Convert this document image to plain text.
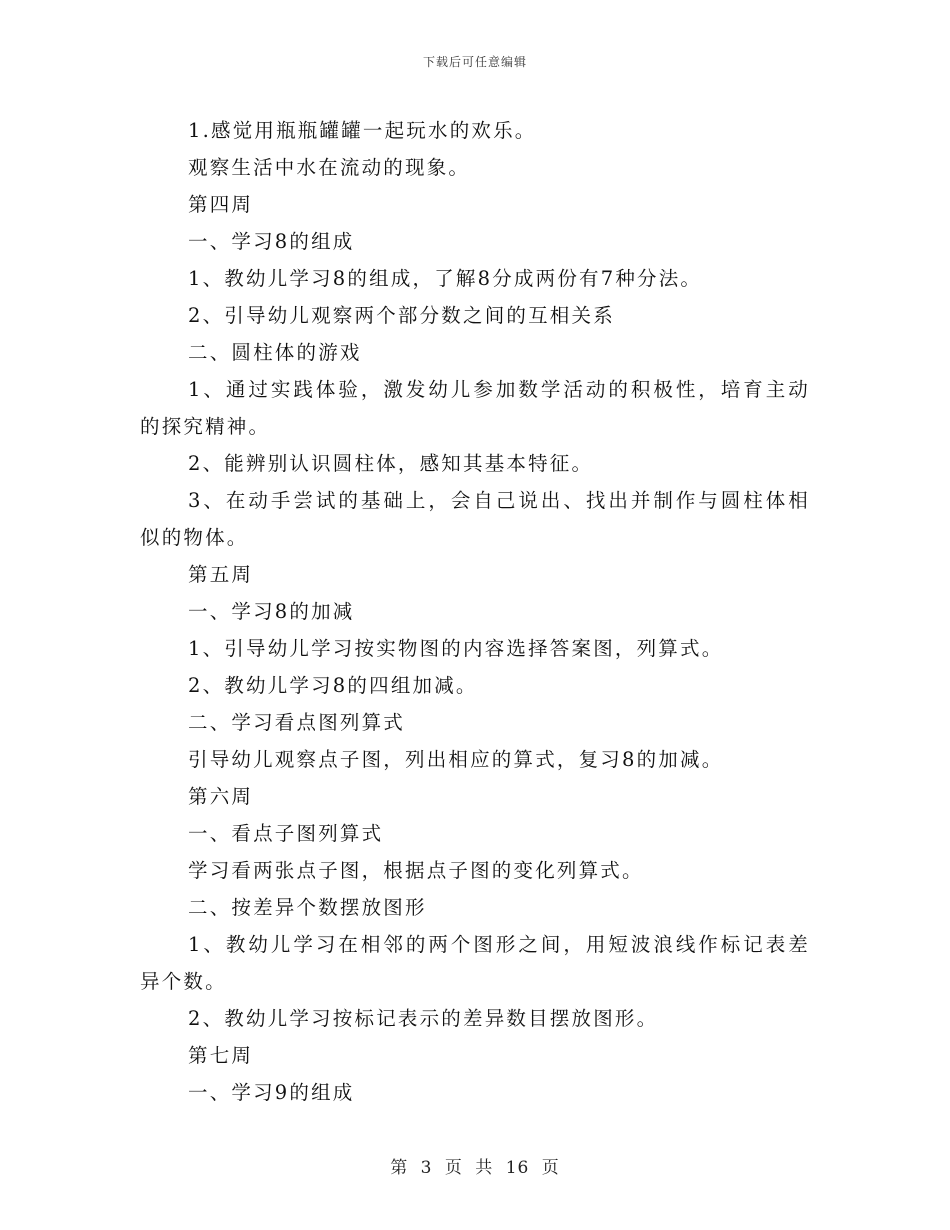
下载后可任意编辑

1.感觉用瓶瓶罐罐一起玩水的欢乐。

观察生活中水在流动的现象。

第四周

一、学习8的组成

1、教幼儿学习8的组成，了解8分成两份有7种分法。

2、引导幼儿观察两个部分数之间的互相关系

二、圆柱体的游戏

1、通过实践体验，激发幼儿参加数学活动的积极性，培育主动的探究精神。

2、能辨别认识圆柱体，感知其基本特征。

3、在动手尝试的基础上，会自己说出、找出并制作与圆柱体相似的物体。

第五周

一、学习8的加减

1、引导幼儿学习按实物图的内容选择答案图，列算式。

2、教幼儿学习8的四组加减。

二、学习看点图列算式

引导幼儿观察点子图，列出相应的算式，复习8的加减。

第六周

一、看点子图列算式

学习看两张点子图，根据点子图的变化列算式。

二、按差异个数摆放图形

1、教幼儿学习在相邻的两个图形之间，用短波浪线作标记表差异个数。

2、教幼儿学习按标记表示的差异数目摆放图形。

第七周

一、学习9的组成

第 3 页 共 16 页
